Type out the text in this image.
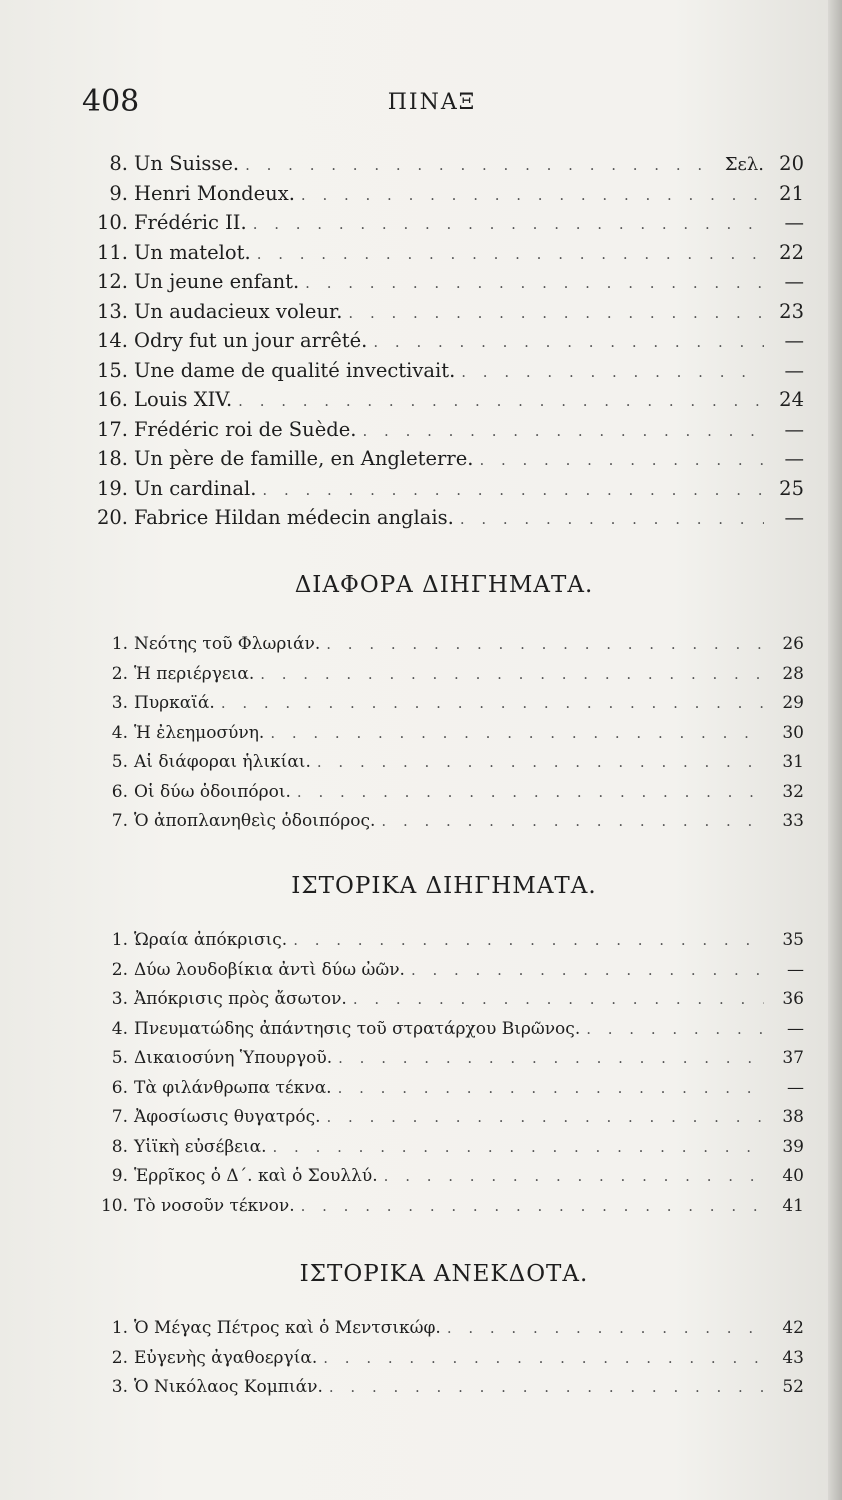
408	ΠΙΝΑΞ
8. Un Suisse. . . .	Σελ. 20
9. Henri Mondeux. . . .	21
10. Frédéric II. . . .	—
11. Un matelot. . . .	22
12. Un jeune enfant. . . .	—
13. Un audacieux voleur. . . .	23
14. Odry fut un jour arrêté. . . .	—
15. Une dame de qualité invectivait. . . .	—
16. Louis XIV. . . .	24
17. Frédéric roi de Suède. . . .	—
18. Un père de famille, en Angleterre. . . .	—
19. Un cardinal. . . .	25
20. Fabrice Hildan médecin anglais. . . .	—
ΔΙΑΦΟΡΑ ΔΙΗΓΗΜΑΤΑ.
1. Νεότης τοῦ Φλωριάν. . . .	26
2. Ἡ περιέργεια. . . .	28
3. Πυρκαϊά. . . .	29
4. Ἡ ἐλεημοσύνη. . . .	30
5. Αἱ διάφοραι ἡλικίαι. . . .	31
6. Οἱ δύω ὁδοιπόροι. . . .	32
7. Ὁ ἀποπλανηθεὶς ὁδοιπόρος. . . .	33
ΙΣΤΟΡΙΚΑ ΔΙΗΓΗΜΑΤΑ.
1. Ὡραία ἀπόκρισις. . . .	35
2. Δύω λουδοβίκια ἀντὶ δύω ὠῶν. . . .	—
3. Ἀπόκρισις πρὸς ἄσωτον. . . .	36
4. Πνευματώδης ἀπάντησις τοῦ στρατάρχου Βιρῶνος. . . .	—
5. Δικαιοσύνη Ὑπουργοῦ. . . .	37
6. Τὰ φιλάνθρωπα τέκνα. . . .	—
7. Ἀφοσίωσις θυγατρός. . . .	38
8. Υἱϊκὴ εὐσέβεια. . . .	39
9. Ἑρρῖκος ὁ Δ΄. καὶ ὁ Σουλλύ. . . .	40
10. Τὸ νοσοῦν τέκνον. . . .	41
ΙΣΤΟΡΙΚΑ ΑΝΕΚΔΟΤΑ.
1. Ὁ Μέγας Πέτρος καὶ ὁ Μεντσικώφ. . . .	42
2. Εὐγενὴς ἀγαθοεργία. . . .	43
3. Ὁ Νικόλαος Κομπιάν. . . .	52
